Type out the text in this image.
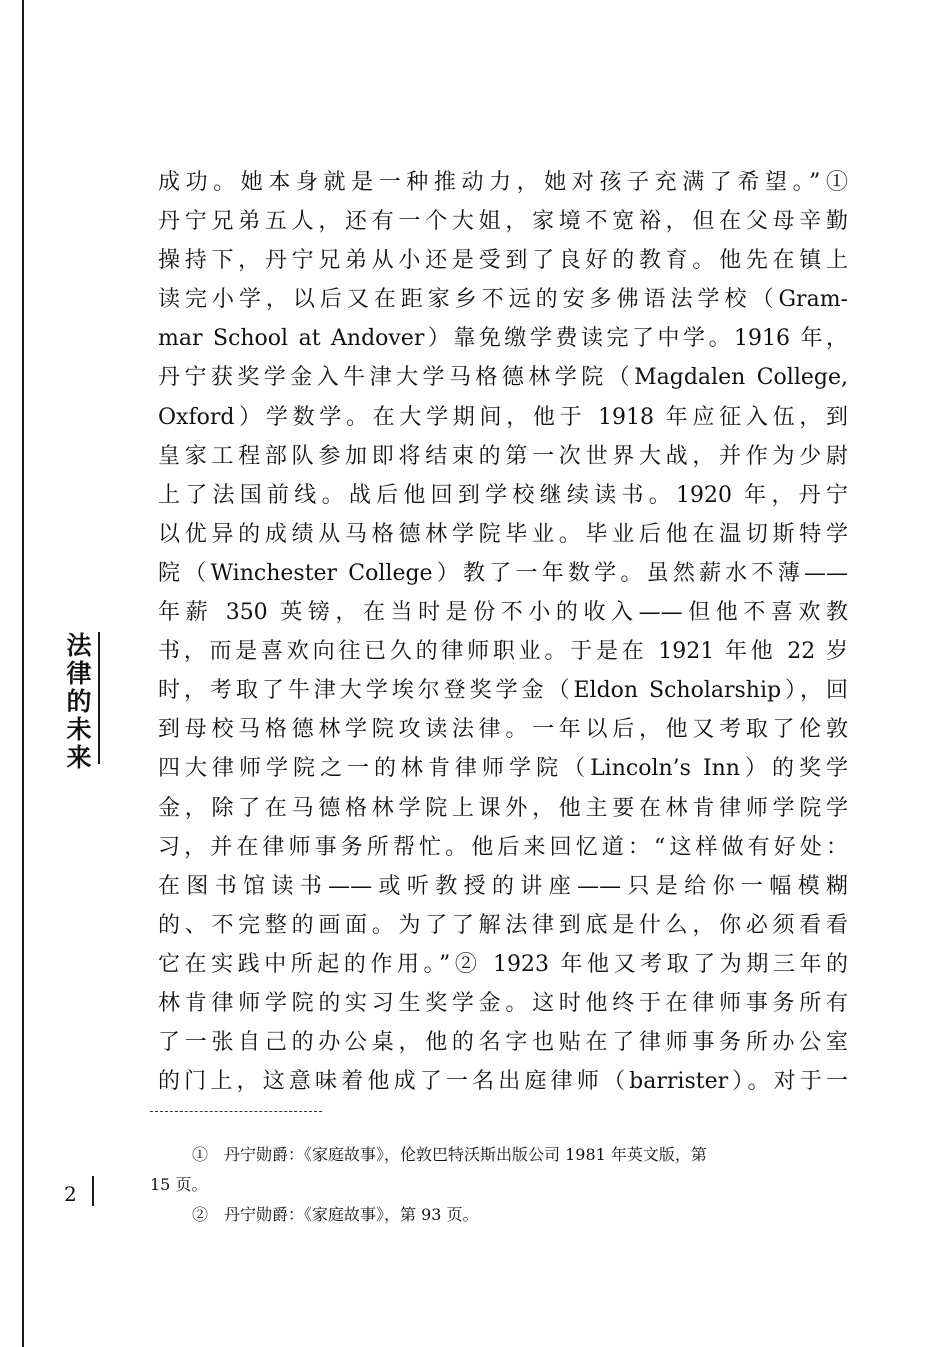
法
律
的
未
来
2
成功。她本身就是一种推动力，她对孩子充满了希望。”①
丹宁兄弟五人，还有一个大姐，家境不宽裕，但在父母辛勤
操持下，丹宁兄弟从小还是受到了良好的教育。他先在镇上
读完小学，以后又在距家乡不远的安多佛语法学校（Gram-
mar School at Andover）靠免缴学费读完了中学。1916 年，
丹宁获奖学金入牛津大学马格德林学院（Magdalen College,
Oxford）学数学。在大学期间，他于 1918 年应征入伍，到
皇家工程部队参加即将结束的第一次世界大战，并作为少尉
上了法国前线。战后他回到学校继续读书。1920 年，丹宁
以优异的成绩从马格德林学院毕业。毕业后他在温切斯特学
院（Winchester College）教了一年数学。虽然薪水不薄——
年薪 350 英镑，在当时是份不小的收入——但他不喜欢教
书，而是喜欢向往已久的律师职业。于是在 1921 年他 22 岁
时，考取了牛津大学埃尔登奖学金（Eldon Scholarship），回
到母校马格德林学院攻读法律。一年以后，他又考取了伦敦
四大律师学院之一的林肯律师学院（Lincoln’s Inn）的奖学
金，除了在马德格林学院上课外，他主要在林肯律师学院学
习，并在律师事务所帮忙。他后来回忆道：“这样做有好处：
在图书馆读书——或听教授的讲座——只是给你一幅模糊
的、不完整的画面。为了了解法律到底是什么，你必须看看
它在实践中所起的作用。”② 1923 年他又考取了为期三年的
林肯律师学院的实习生奖学金。这时他终于在律师事务所有
了一张自己的办公桌，他的名字也贴在了律师事务所办公室
的门上，这意味着他成了一名出庭律师（barrister）。对于一
①　丹宁勋爵：《家庭故事》，伦敦巴特沃斯出版公司 1981 年英文版，第
15 页。
②　丹宁勋爵：《家庭故事》，第 93 页。
